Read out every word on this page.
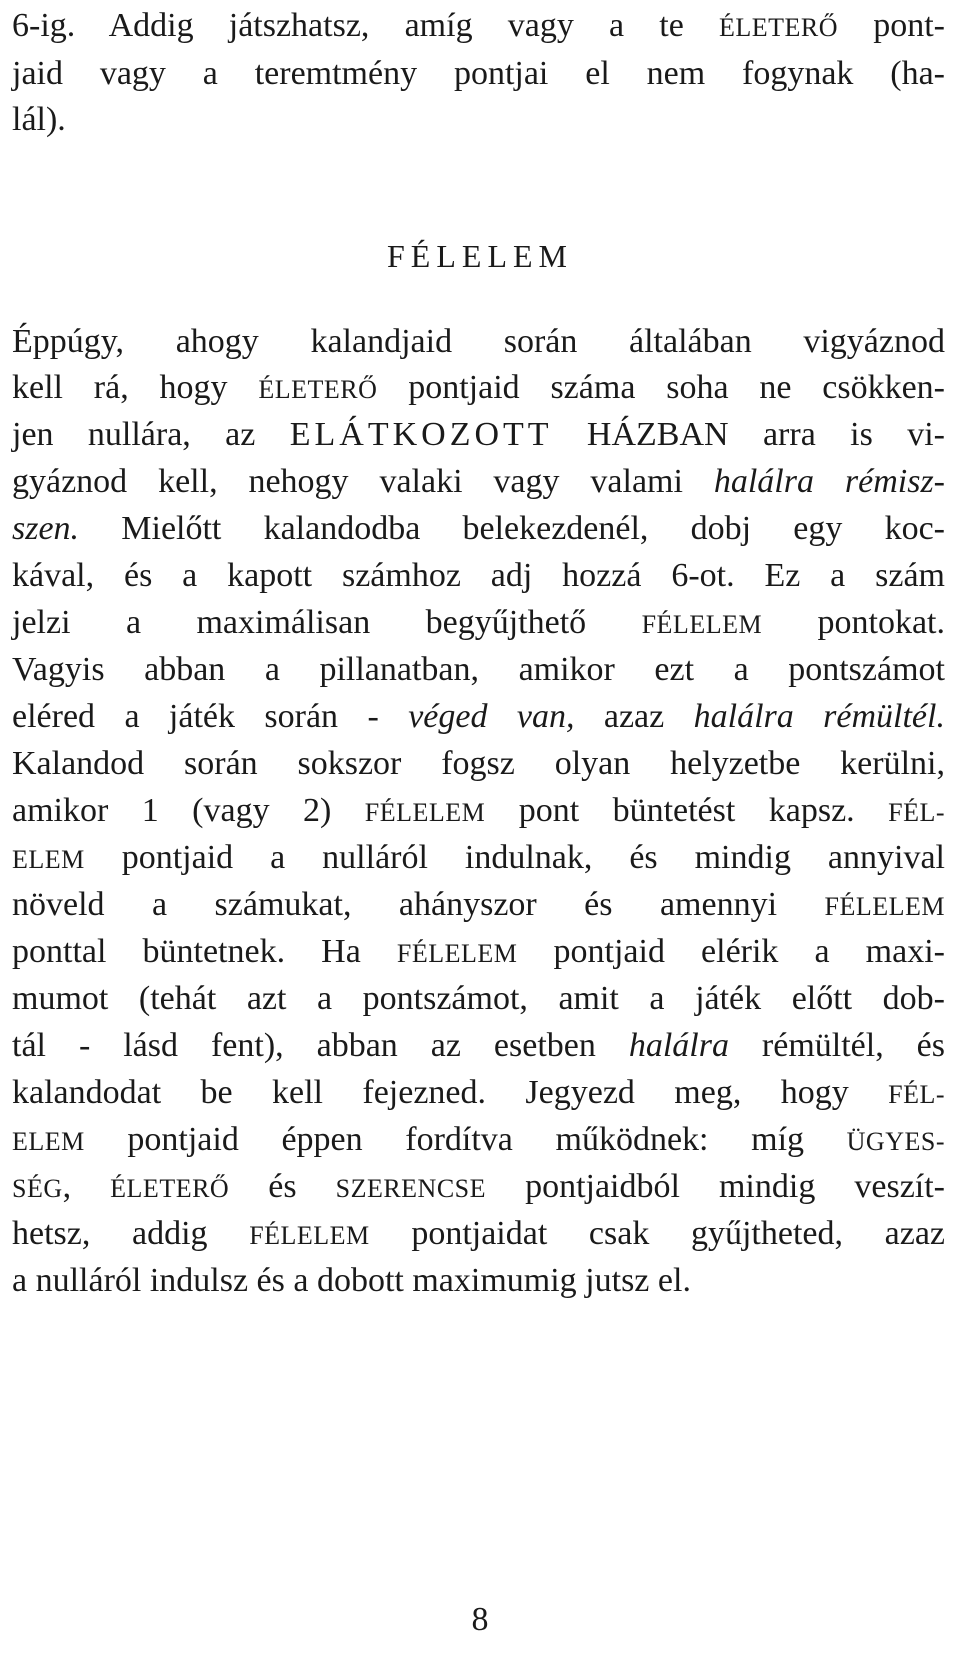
6-ig. Addig játszhatsz, amíg vagy a te ÉLETERŐ pont-
jaid vagy a teremtmény pontjai el nem fogynak (ha-
lál).
FÉLELEM
Éppúgy, ahogy kalandjaid során általában vigyáznod
kell rá, hogy ÉLETERŐ pontjaid száma soha ne csökken-
jen nullára, az ELÁTKOZOTT HÁZBAN arra is vi-
gyáznod kell, nehogy valaki vagy valami halálra rémisz-
szen. Mielőtt kalandodba belekezdenél, dobj egy koc-
kával, és a kapott számhoz adj hozzá 6-ot. Ez a szám
jelzi a maximálisan begyűjthető FÉLELEM pontokat.
Vagyis abban a pillanatban, amikor ezt a pontszámot
eléred a játék során - véged van, azaz halálra rémültél.
Kalandod során sokszor fogsz olyan helyzetbe kerülni,
amikor 1 (vagy 2) FÉLELEM pont büntetést kapsz. FÉL-
ELEM pontjaid a nulláról indulnak, és mindig annyival
növeld a számukat, ahányszor és amennyi FÉLELEM
ponttal büntetnek. Ha FÉLELEM pontjaid elérik a maxi-
mumot (tehát azt a pontszámot, amit a játék előtt dob-
tál - lásd fent), abban az esetben halálra rémültél, és
kalandodat be kell fejezned. Jegyezd meg, hogy FÉL-
ELEM pontjaid éppen fordítva működnek: míg ÜGYES-
SÉG, ÉLETERŐ és SZERENCSE pontjaidból mindig veszít-
hetsz, addig FÉLELEM pontjaidat csak gyűjtheted, azaz
a nulláról indulsz és a dobott maximumig jutsz el.
8
